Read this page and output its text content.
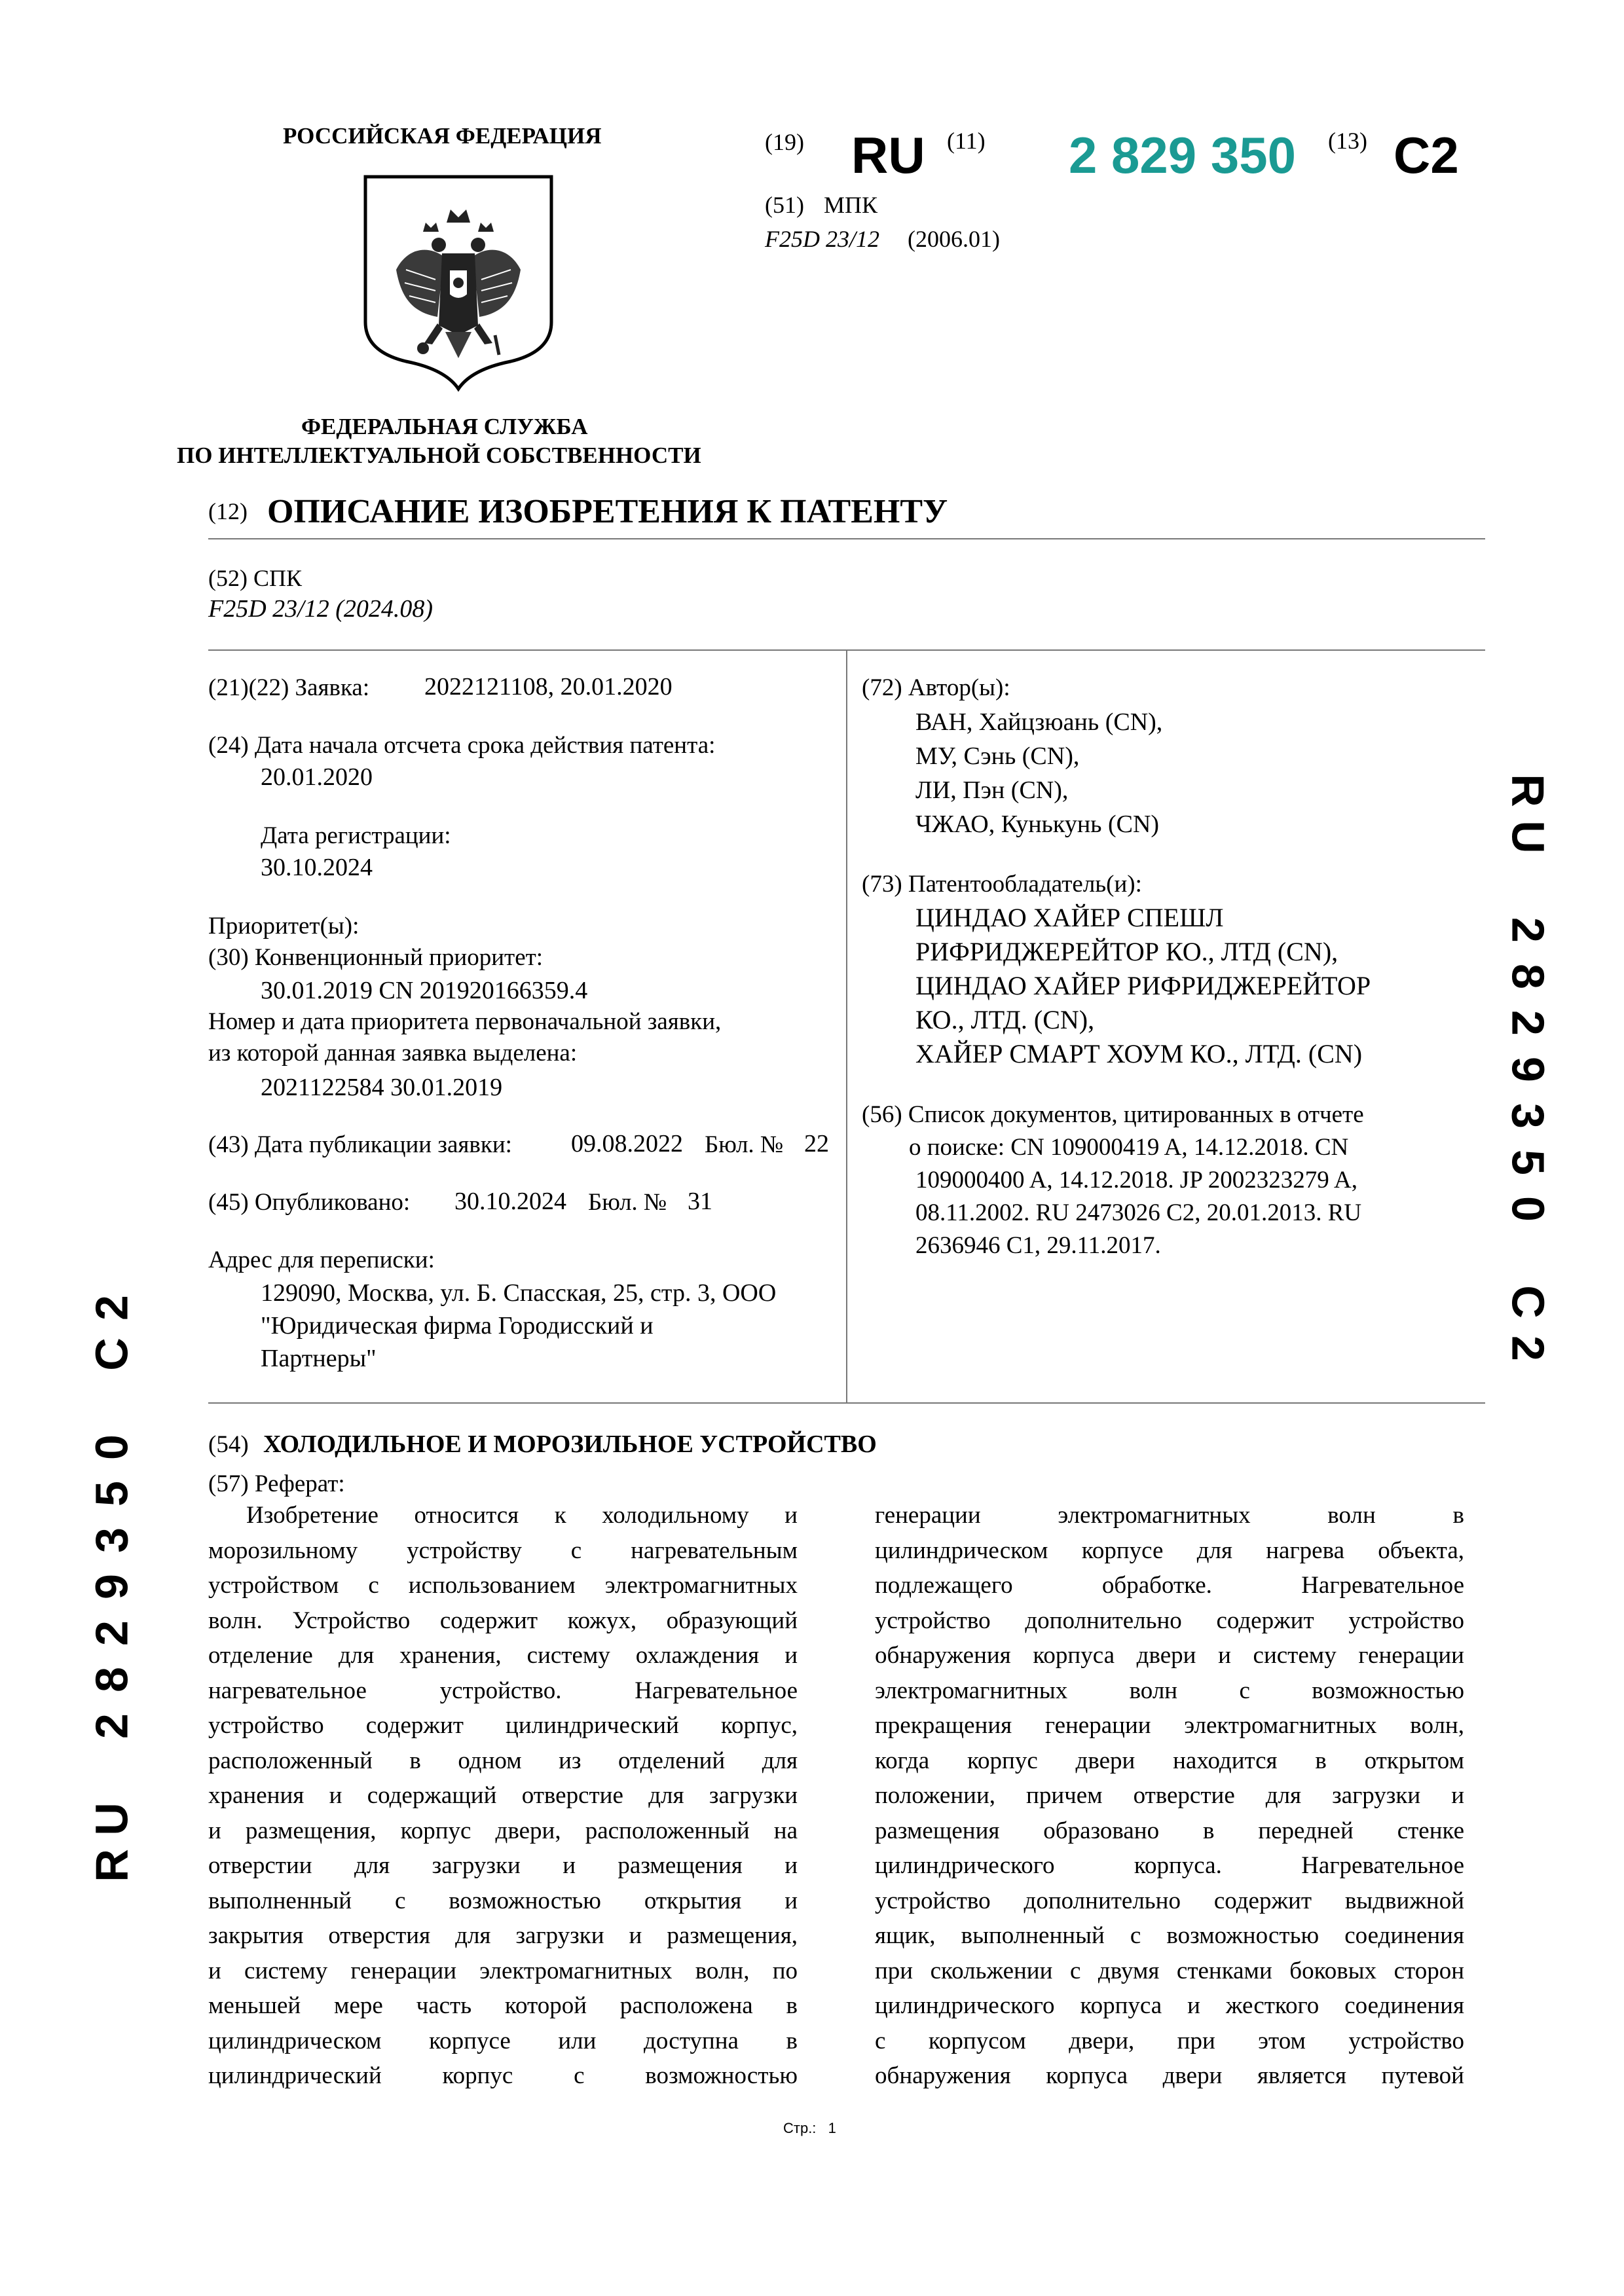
РОССИЙСКАЯ ФЕДЕРАЦИЯ
ФЕДЕРАЛЬНАЯ СЛУЖБА
ПО ИНТЕЛЛЕКТУАЛЬНОЙ СОБСТВЕННОСТИ
(19) RU (11) 2 829 350 (13) C2
(51) МПК
F25D 23/12 (2006.01)
(12) ОПИСАНИЕ ИЗОБРЕТЕНИЯ К ПАТЕНТУ
(52) СПК
F25D 23/12 (2024.08)
(21)(22) Заявка: 2022121108, 20.01.2020
(24) Дата начала отсчета срока действия патента:
20.01.2020
Дата регистрации:
30.10.2024
Приоритет(ы):
(30) Конвенционный приоритет:
30.01.2019 CN 201920166359.4
Номер и дата приоритета первоначальной заявки,
из которой данная заявка выделена:
2021122584 30.01.2019
(43) Дата публикации заявки: 09.08.2022 Бюл. № 22
(45) Опубликовано: 30.10.2024 Бюл. № 31
Адрес для переписки:
129090, Москва, ул. Б. Спасская, 25, стр. 3, ООО
"Юридическая фирма Городисский и
Партнеры"
(72) Автор(ы):
ВАН, Хайцзюань (CN),
МУ, Сэнь (CN),
ЛИ, Пэн (CN),
ЧЖАО, Кунькунь (CN)
(73) Патентообладатель(и):
ЦИНДАО ХАЙЕР СПЕШЛ
РИФРИДЖЕРЕЙТОР КО., ЛТД (CN),
ЦИНДАО ХАЙЕР РИФРИДЖЕРЕЙТОР
КО., ЛТД. (CN),
ХАЙЕР СМАРТ ХОУМ КО., ЛТД. (CN)
(56) Список документов, цитированных в отчете
о поиске: CN 109000419 A, 14.12.2018. CN
109000400 A, 14.12.2018. JP 2002323279 A,
08.11.2002. RU 2473026 C2, 20.01.2013. RU
2636946 C1, 29.11.2017.
(54) ХОЛОДИЛЬНОЕ И МОРОЗИЛЬНОЕ УСТРОЙСТВО
(57) Реферат:

Изобретение относится к холодильному и

морозильному устройству с нагревательным

устройством с использованием электромагнитных

волн. Устройство содержит кожух, образующий

отделение для хранения, систему охлаждения и

нагревательное устройство. Нагревательное

устройство содержит цилиндрический корпус,

расположенный в одном из отделений для

хранения и содержащий отверстие для загрузки

и размещения, корпус двери, расположенный на

отверстии для загрузки и размещения и

выполненный с возможностью открытия и

закрытия отверстия для загрузки и размещения,

и систему генерации электромагнитных волн, по

меньшей мере часть которой расположена в

цилиндрическом корпусе или доступна в

цилиндрический корпус с возможностью

генерации электромагнитных волн в

цилиндрическом корпусе для нагрева объекта,

подлежащего обработке. Нагревательное

устройство дополнительно содержит устройство

обнаружения корпуса двери и систему генерации

электромагнитных волн с возможностью

прекращения генерации электромагнитных волн,

когда корпус двери находится в открытом

положении, причем отверстие для загрузки и

размещения образовано в передней стенке

цилиндрического корпуса. Нагревательное

устройство дополнительно содержит выдвижной

ящик, выполненный с возможностью соединения

при скольжении с двумя стенками боковых сторон

цилиндрического корпуса и жесткого соединения

с корпусом двери, при этом устройство

обнаружения корпуса двери является путевой

R
U
2
8
2
9
3
5
0
C
2
2
C
0
5
3
9
2
8
2
U
R
Стр.: 1
